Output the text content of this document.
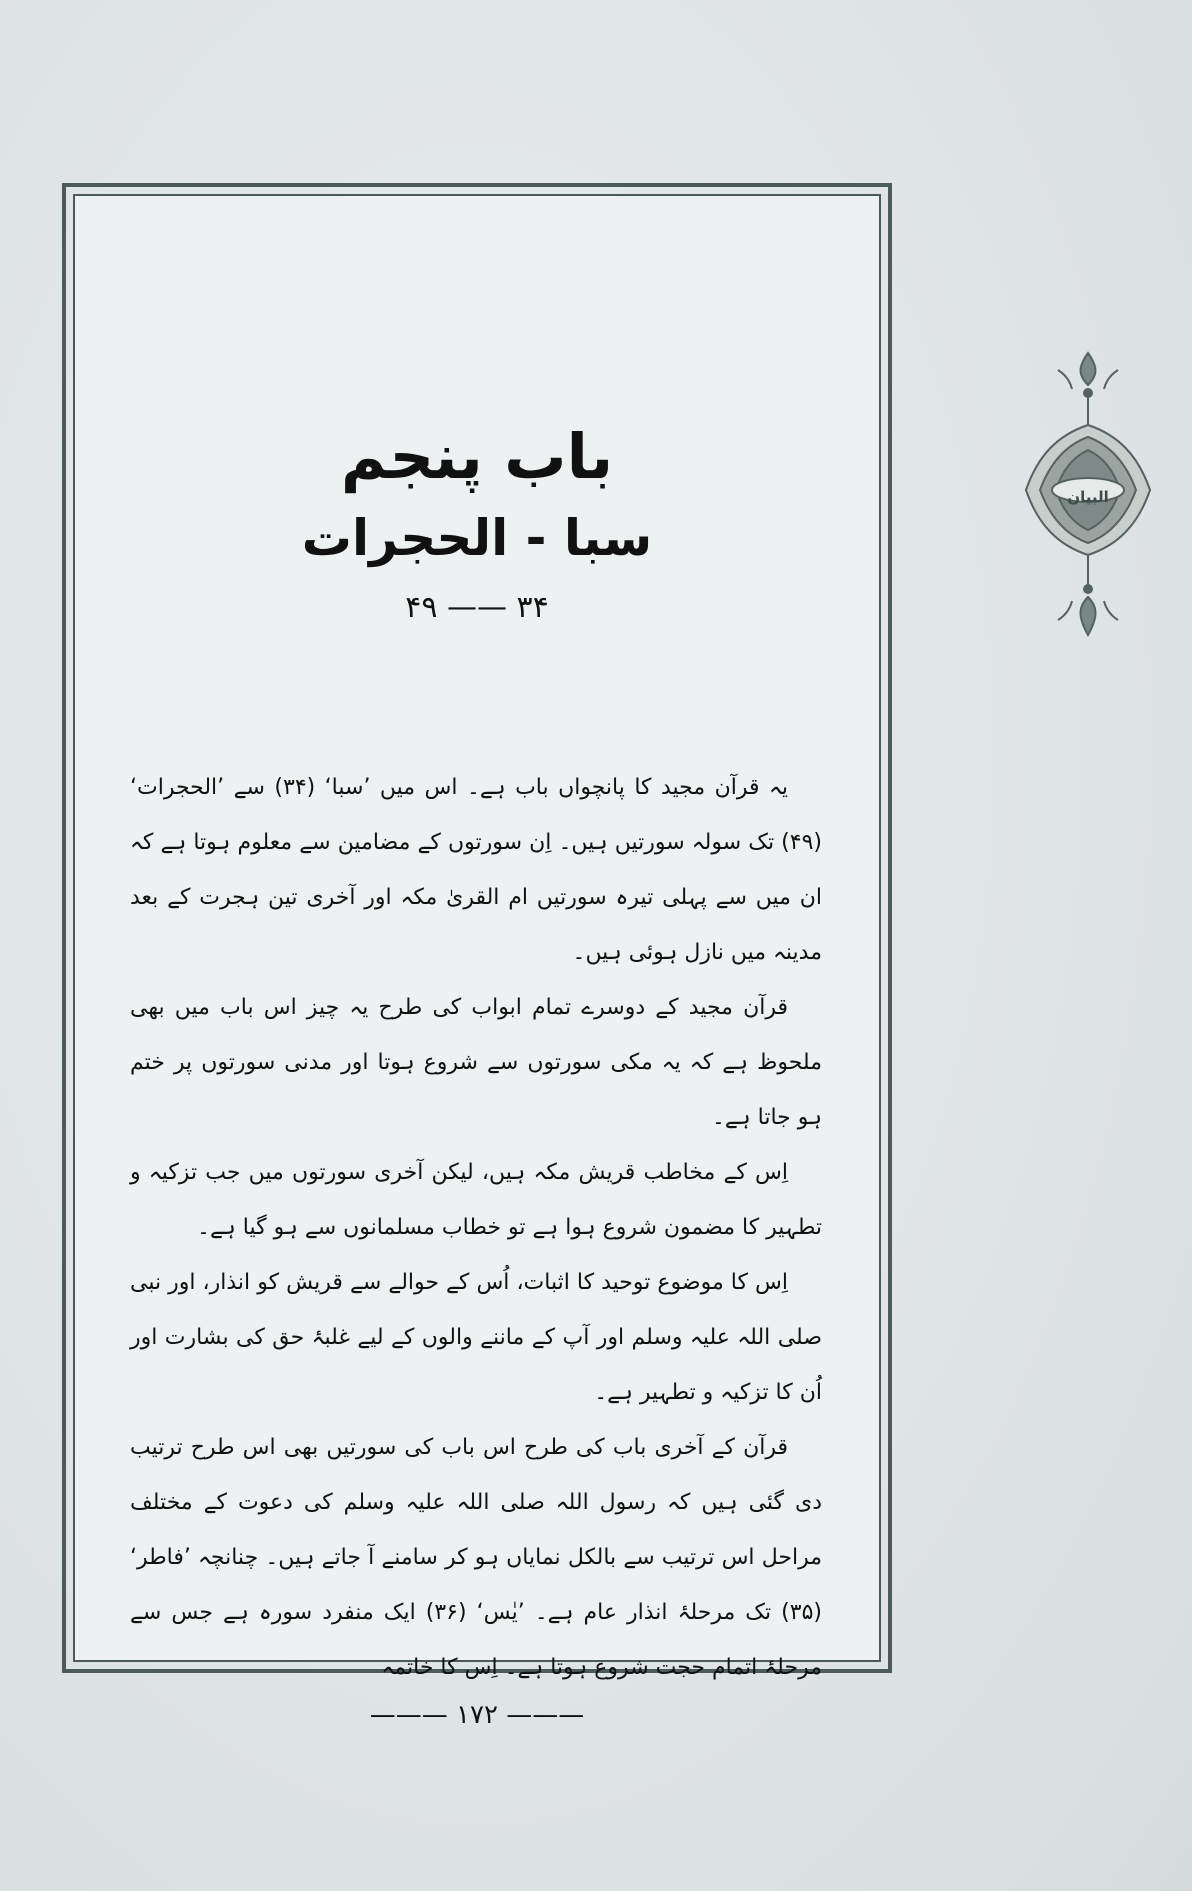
البیان
باب پنجم
سبا - الحجرات
۳۴ —— ۴۹

یہ قرآن مجید کا پانچواں باب ہے۔ اس میں ’سبا‘ (۳۴) سے ’الحجرات‘ (۴۹) تک سولہ سورتیں ہیں۔ اِن سورتوں کے مضامین سے معلوم ہوتا ہے کہ ان میں سے پہلی تیرہ سورتیں ام القریٰ مکہ اور آخری تین ہجرت کے بعد مدینہ میں نازل ہوئی ہیں۔

قرآن مجید کے دوسرے تمام ابواب کی طرح یہ چیز اس باب میں بھی ملحوظ ہے کہ یہ مکی سورتوں سے شروع ہوتا اور مدنی سورتوں پر ختم ہو جاتا ہے۔

اِس کے مخاطب قریش مکہ ہیں، لیکن آخری سورتوں میں جب تزکیہ و تطہیر کا مضمون شروع ہوا ہے تو خطاب مسلمانوں سے ہو گیا ہے۔

اِس کا موضوع توحید کا اثبات، اُس کے حوالے سے قریش کو انذار، اور نبی صلی اللہ علیہ وسلم اور آپ کے ماننے والوں کے لیے غلبۂ حق کی بشارت اور اُن کا تزکیہ و تطہیر ہے۔

قرآن کے آخری باب کی طرح اس باب کی سورتیں بھی اس طرح ترتیب دی گئی ہیں کہ رسول اللہ صلی اللہ علیہ وسلم کی دعوت کے مختلف مراحل اس ترتیب سے بالکل نمایاں ہو کر سامنے آ جاتے ہیں۔ چنانچہ ’فاطر‘ (۳۵) تک مرحلۂ انذار عام ہے۔ ’یٰس‘ (۳۶) ایک منفرد سورہ ہے جس سے مرحلۂ اتمام حجت شروع ہوتا ہے۔ اِس کا خاتمہ

——— ۱۷۲ ———
